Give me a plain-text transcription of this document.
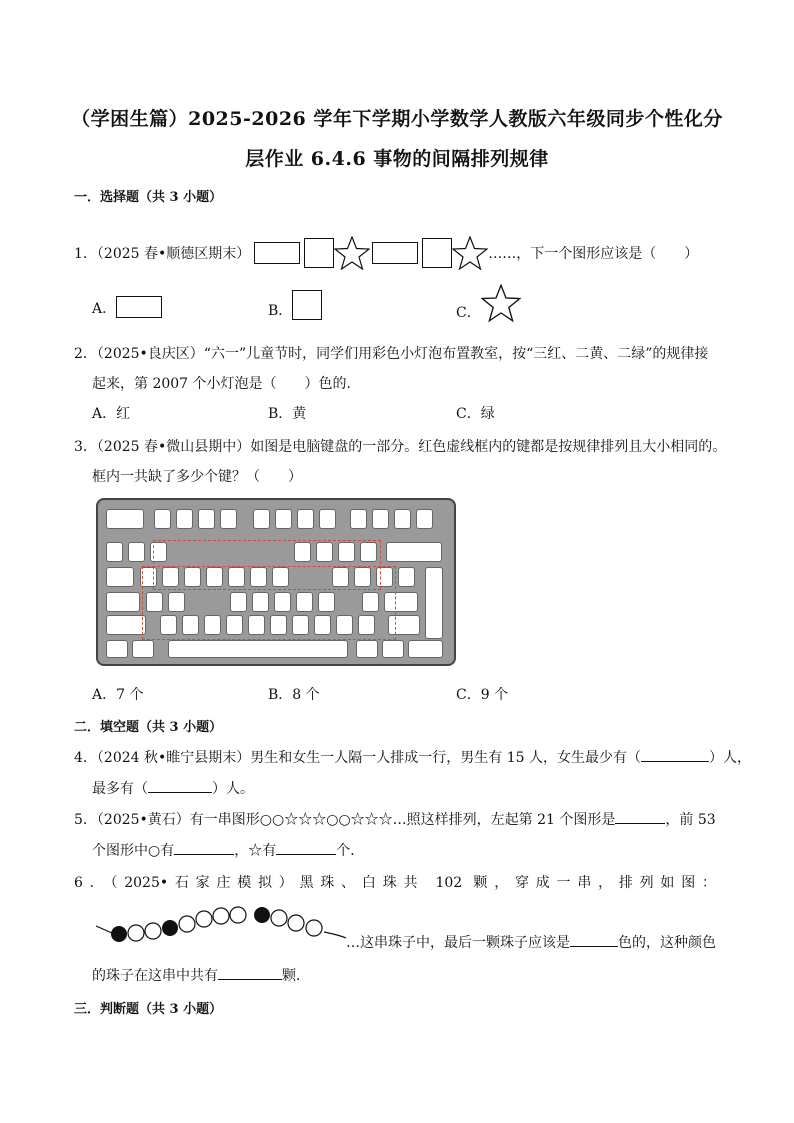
（学困生篇）2025-2026 学年下学期小学数学人教版六年级同步个性化分
层作业 6.4.6 事物的间隔排列规律
一．选择题（共 3 小题）
1．（2025 春•顺德区期末）	……，下一个图形应该是（　　）
A．	B．	C．
2．（2025•良庆区）“六一”儿童节时，同学们用彩色小灯泡布置教室，按“三红、二黄、二绿”的规律接
起来，第 2007 个小灯泡是（　　）色的．
A．红	B．黄	C．绿
3．（2025 春•微山县期中）如图是电脑键盘的一部分。红色虚线框内的键都是按规律排列且大小相同的。
框内一共缺了多少个键？（　　）
A．7 个	B．8 个	C．9 个
二．填空题（共 3 小题）
4．（2024 秋•睢宁县期末）男生和女生一人隔一人排成一行，男生有 15 人，女生最少有（	）人，
最多有（	）人。
5．（2025•黄石）有一串图形○○☆☆☆○○☆☆☆…照这样排列，左起第 21 个图形是	，前 53
个图形中○有	，☆有	个．
6．（2025•石家庄模拟）黑珠、白珠共 102 颗，穿成一串，排列如图：
…这串珠子中，最后一颗珠子应该是	色的，这种颜色
的珠子在这串中共有	颗．
三．判断题（共 3 小题）
